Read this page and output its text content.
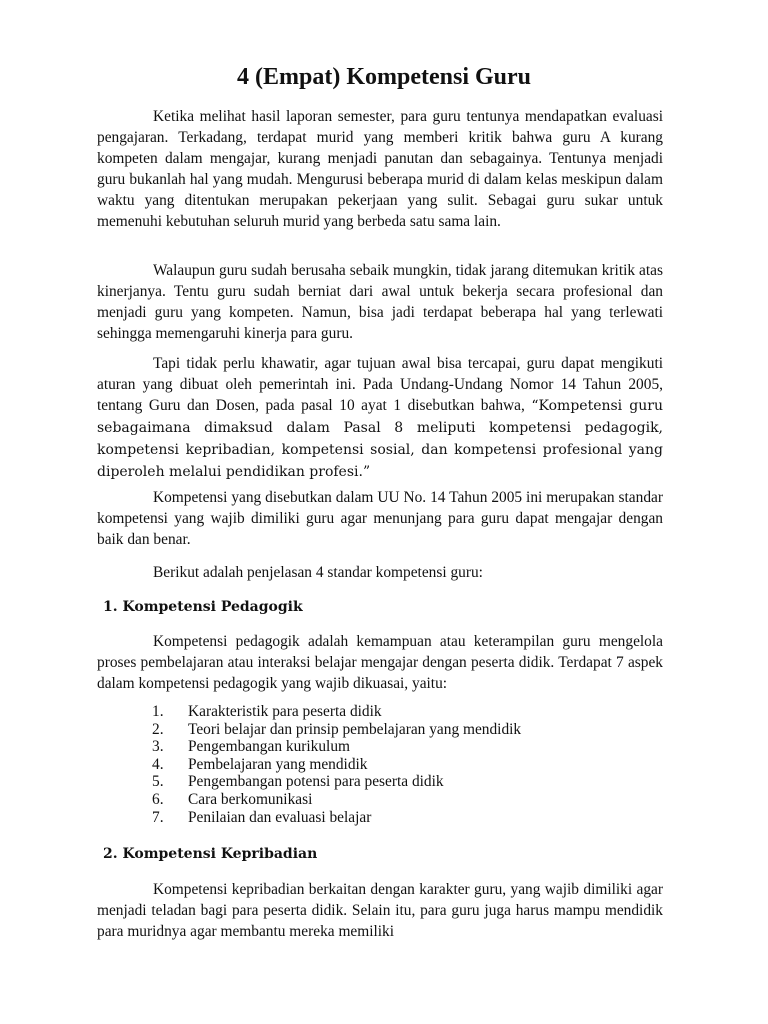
4 (Empat) Kompetensi Guru

Ketika melihat hasil laporan semester, para guru tentunya mendapatkan evaluasi pengajaran. Terkadang, terdapat murid yang memberi kritik bahwa guru A kurang kompeten dalam mengajar, kurang menjadi panutan dan sebagainya. Tentunya menjadi guru bukanlah hal yang mudah. Mengurusi beberapa murid di dalam kelas meskipun dalam waktu yang ditentukan merupakan pekerjaan yang sulit. Sebagai guru sukar untuk memenuhi kebutuhan seluruh murid yang berbeda satu sama lain.

Walaupun guru sudah berusaha sebaik mungkin, tidak jarang ditemukan kritik atas kinerjanya. Tentu guru sudah berniat dari awal untuk bekerja secara profesional dan menjadi guru yang kompeten. Namun, bisa jadi terdapat beberapa hal yang terlewati sehingga memengaruhi kinerja para guru.

Tapi tidak perlu khawatir, agar tujuan awal bisa tercapai, guru dapat mengikuti aturan yang dibuat oleh pemerintah ini. Pada Undang-Undang Nomor 14 Tahun 2005, tentang Guru dan Dosen, pada pasal 10 ayat 1 disebutkan bahwa, “Kompetensi guru sebagaimana dimaksud dalam Pasal 8 meliputi kompetensi pedagogik, kompetensi kepribadian, kompetensi sosial, dan kompetensi profesional yang diperoleh melalui pendidikan profesi.”

Kompetensi yang disebutkan dalam UU No. 14 Tahun 2005 ini merupakan standar kompetensi yang wajib dimiliki guru agar menunjang para guru dapat mengajar dengan baik dan benar.

Berikut adalah penjelasan 4 standar kompetensi guru:

1. Kompetensi Pedagogik

Kompetensi pedagogik adalah kemampuan atau keterampilan guru mengelola proses pembelajaran atau interaksi belajar mengajar dengan peserta didik. Terdapat 7 aspek dalam kompetensi pedagogik yang wajib dikuasai, yaitu:

1. Karakteristik para peserta didik
2. Teori belajar dan prinsip pembelajaran yang mendidik
3. Pengembangan kurikulum
4. Pembelajaran yang mendidik
5. Pengembangan potensi para peserta didik
6. Cara berkomunikasi
7. Penilaian dan evaluasi belajar
2. Kompetensi Kepribadian

Kompetensi kepribadian berkaitan dengan karakter guru, yang wajib dimiliki agar menjadi teladan bagi para peserta didik. Selain itu, para guru juga harus mampu mendidik para muridnya agar membantu mereka memiliki
